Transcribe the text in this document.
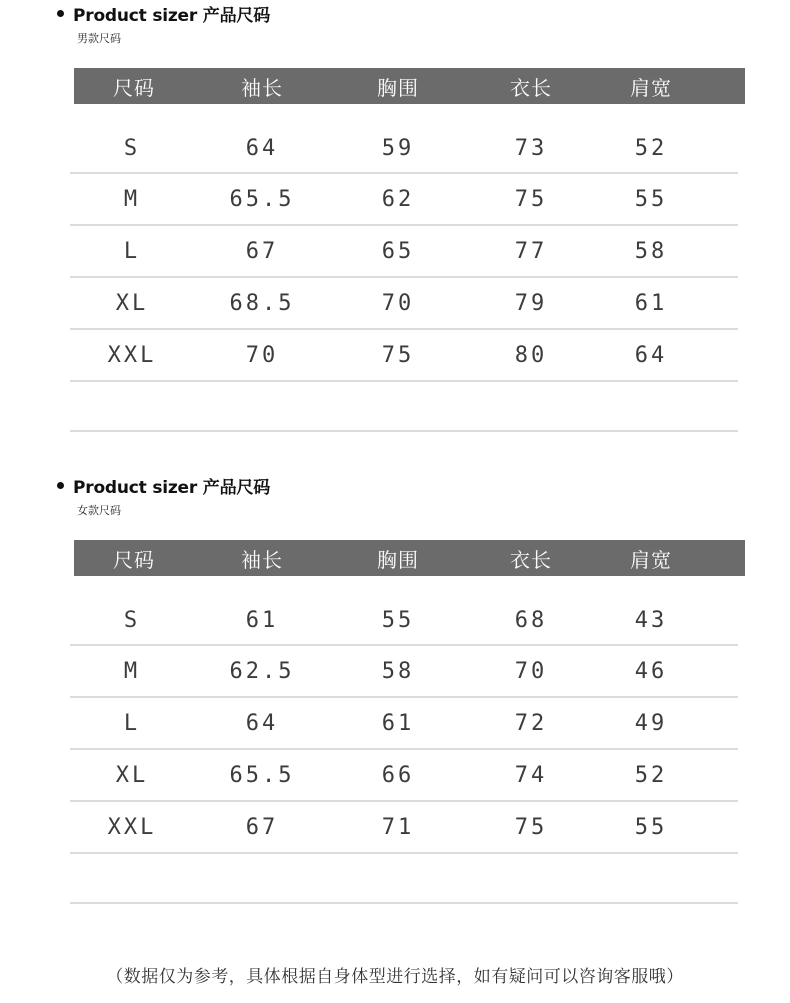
Product sizer 产品尺码
男款尺码
尺码	袖长	胸围	衣长	肩宽
S	64	59	73	52
M	65.5	62	75	55
L	67	65	77	58
XL	68.5	70	79	61
XXL	70	75	80	64
Product sizer 产品尺码
女款尺码
尺码	袖长	胸围	衣长	肩宽
S	61	55	68	43
M	62.5	58	70	46
L	64	61	72	49
XL	65.5	66	74	52
XXL	67	71	75	55
（数据仅为参考，具体根据自身体型进行选择，如有疑问可以咨询客服哦）
